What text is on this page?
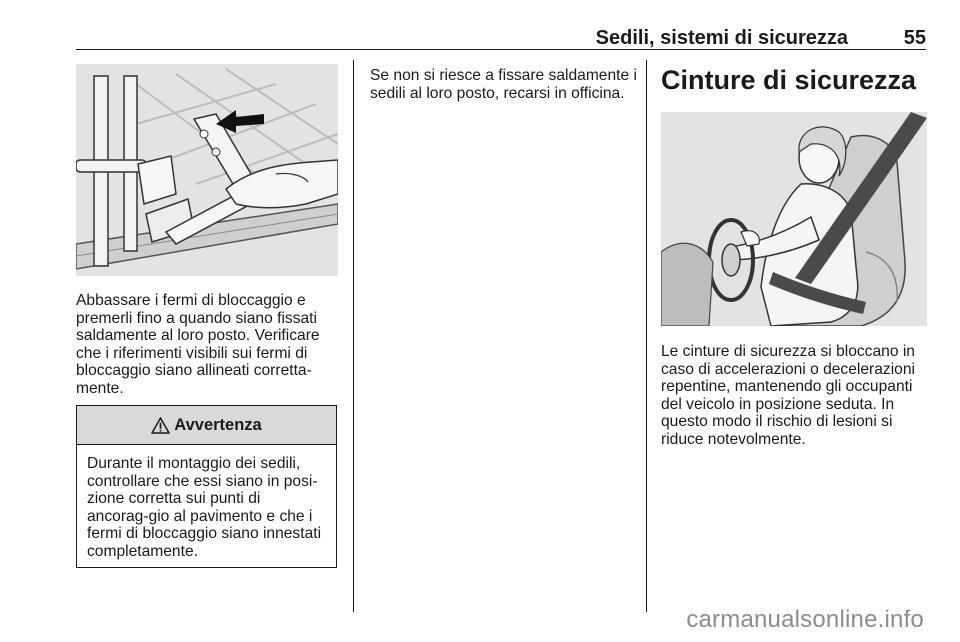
Sedili, sistemi di sicurezza	55

Abbassare i fermi di bloccaggio e premerli fino a quando siano fissati saldamente al loro posto. Verificare che i riferimenti visibili sui fermi di bloccaggio siano allineati corretta-mente.

Avvertenza

Durante il montaggio dei sedili, controllare che essi siano in posi-zione corretta sui punti di ancorag-gio al pavimento e che i fermi di bloccaggio siano innestati completamente.

Se non si riesce a fissare saldamente i sedili al loro posto, recarsi in officina.	Cinture di sicurezza

Le cinture di sicurezza si bloccano in caso di accelerazioni o decelerazioni repentine, mantenendo gli occupanti del veicolo in posizione seduta. In questo modo il rischio di lesioni si riduce notevolmente.

carmanualsonline.info
